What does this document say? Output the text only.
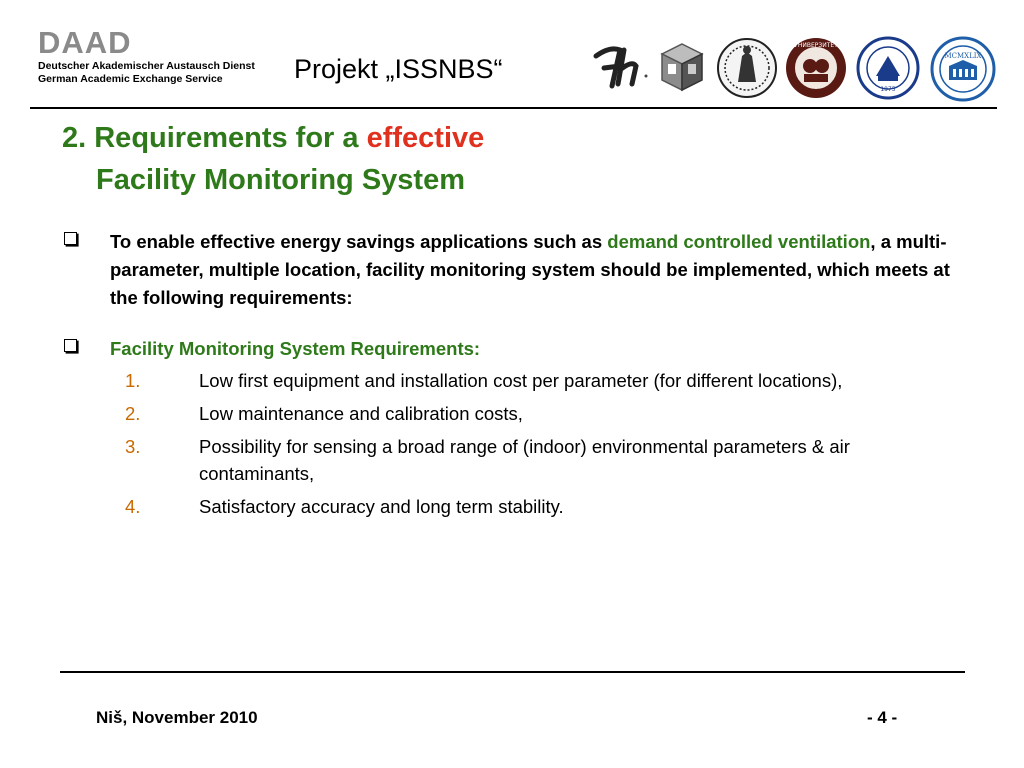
DAAD
Deutscher Akademischer Austausch Dienst
German Academic Exchange Service	Projekt „ISSNBS“
УНИВЕРЗИТЕТ
1975
MCMXLIX
2. Requirements for a effective
Facility Monitoring System
To enable effective energy savings applications such as demand controlled ventilation, a multi-parameter, multiple location, facility monitoring system should be implemented, which meets at the following requirements:
Facility Monitoring System Requirements:
1.	Low first equipment and installation cost per parameter (for different locations),
2.	Low maintenance and calibration costs,
3.	Possibility for sensing a broad range of (indoor) environmental parameters & air contaminants,
4.	Satisfactory accuracy and long term stability.
Niš, November 2010	- 4 -
